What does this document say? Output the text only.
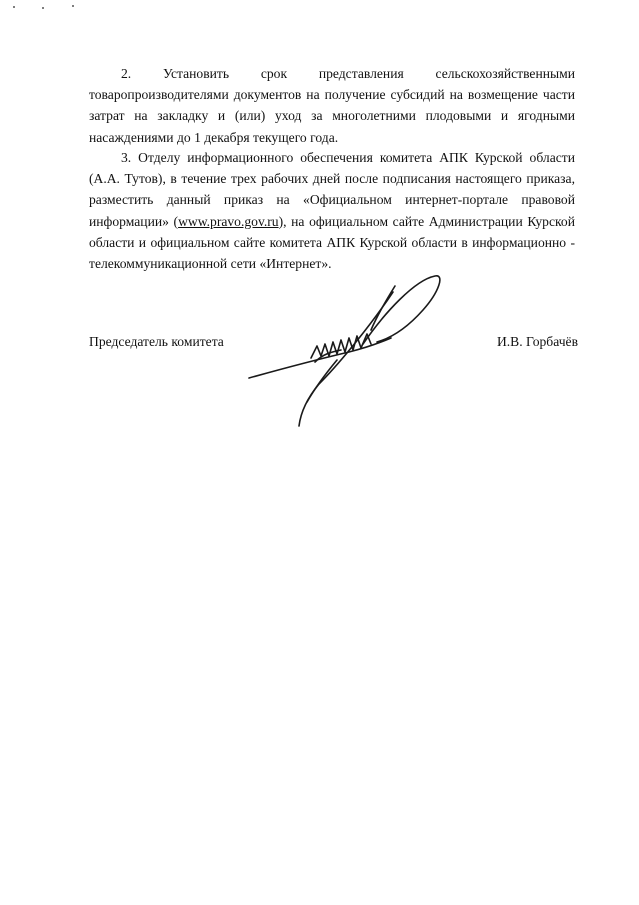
2. Установить срок представления сельскохозяйственными товаропроизводителями документов на получение субсидий на возмещение части затрат на закладку и (или) уход за многолетними плодовыми и ягодными насаждениями до 1 декабря текущего года.

3. Отделу информационного обеспечения комитета АПК Курской области (А.А. Тутов), в течение трех рабочих дней после подписания настоящего приказа, разместить данный приказ на «Официальном интернет-портале правовой информации» (www.pravo.gov.ru), на официальном сайте Администрации Курской области и официальном сайте комитета АПК Курской области в информационно - телекоммуникационной сети «Интернет».

Председатель комитета	И.В. Горбачёв
